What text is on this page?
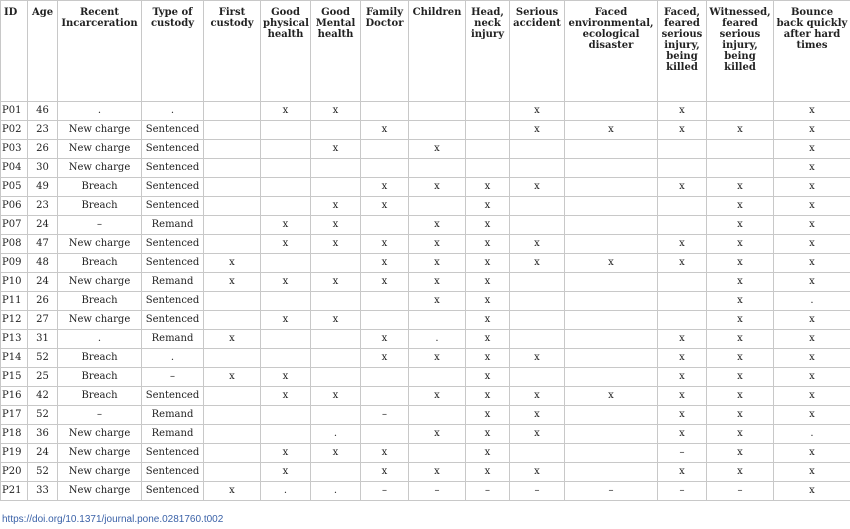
ID	Age	Recent Incarceration	Type of custody	First custody	Good physical health	Good Mental health	Family Doctor	Children	Head, neck injury	Serious accident	Faced environmental, ecological disaster	Faced, feared serious injury, being killed	Witnessed, feared serious injury, being killed	Bounce back quickly after hard times
P01	46	.	.		x	x				x		x		x
P02	23	New charge	Sentenced				x			x	x	x	x	x
P03	26	New charge	Sentenced			x		x						x
P04	30	New charge	Sentenced											x
P05	49	Breach	Sentenced				x	x	x	x		x	x	x
P06	23	Breach	Sentenced			x	x		x				x	x
P07	24	–	Remand		x	x		x	x				x	x
P08	47	New charge	Sentenced		x	x	x	x	x	x		x	x	x
P09	48	Breach	Sentenced	x			x	x	x	x	x	x	x	x
P10	24	New charge	Remand	x	x	x	x	x	x				x	x
P11	26	Breach	Sentenced					x	x				x	.
P12	27	New charge	Sentenced		x	x			x				x	x
P13	31	.	Remand	x			x	.	x			x	x	x
P14	52	Breach	.				x	x	x	x		x	x	x
P15	25	Breach	–	x	x				x			x	x	x
P16	42	Breach	Sentenced		x	x		x	x	x	x	x	x	x
P17	52	–	Remand				–		x	x		x	x	x
P18	36	New charge	Remand			.		x	x	x		x	x	.
P19	24	New charge	Sentenced		x	x	x		x			–	x	x
P20	52	New charge	Sentenced		x		x	x	x	x		x	x	x
P21	33	New charge	Sentenced	x	.	.	–	–	–	–	–	–	–	x
https://doi.org/10.1371/journal.pone.0281760.t002
